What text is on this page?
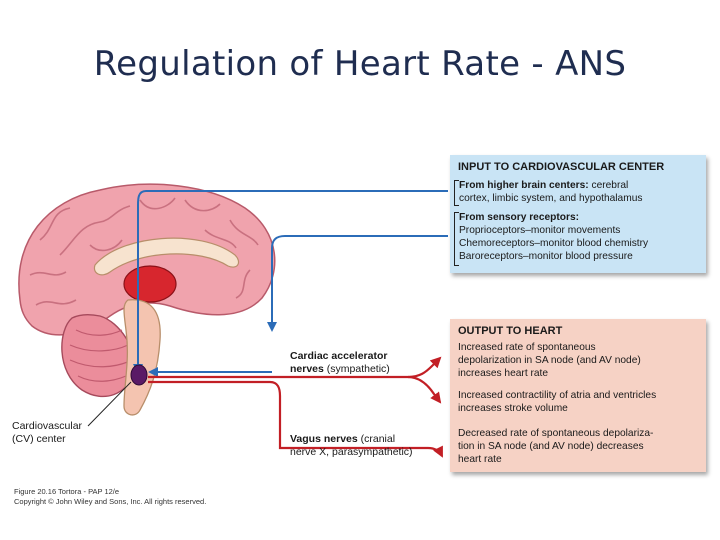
Regulation of Heart Rate - ANS
INPUT TO CARDIOVASCULAR CENTER
From higher brain centers: cerebral
cortex, limbic system, and hypothalamus
From sensory receptors:
Proprioceptors–monitor movements
Chemoreceptors–monitor blood chemistry
Baroreceptors–monitor blood pressure
OUTPUT TO HEART
Increased rate of spontaneous
depolarization in SA node (and AV node)
increases heart rate
Increased contractility of atria and ventricles
increases stroke volume
Decreased rate of spontaneous depolariza-
tion in SA node (and AV node) decreases
heart rate
Cardiac accelerator
nerves (sympathetic)
Vagus nerves (cranial
nerve X, parasympathetic)
Cardiovascular
(CV) center
Figure 20.16 Tortora - PAP 12/e
Copyright © John Wiley and Sons, Inc. All rights reserved.
